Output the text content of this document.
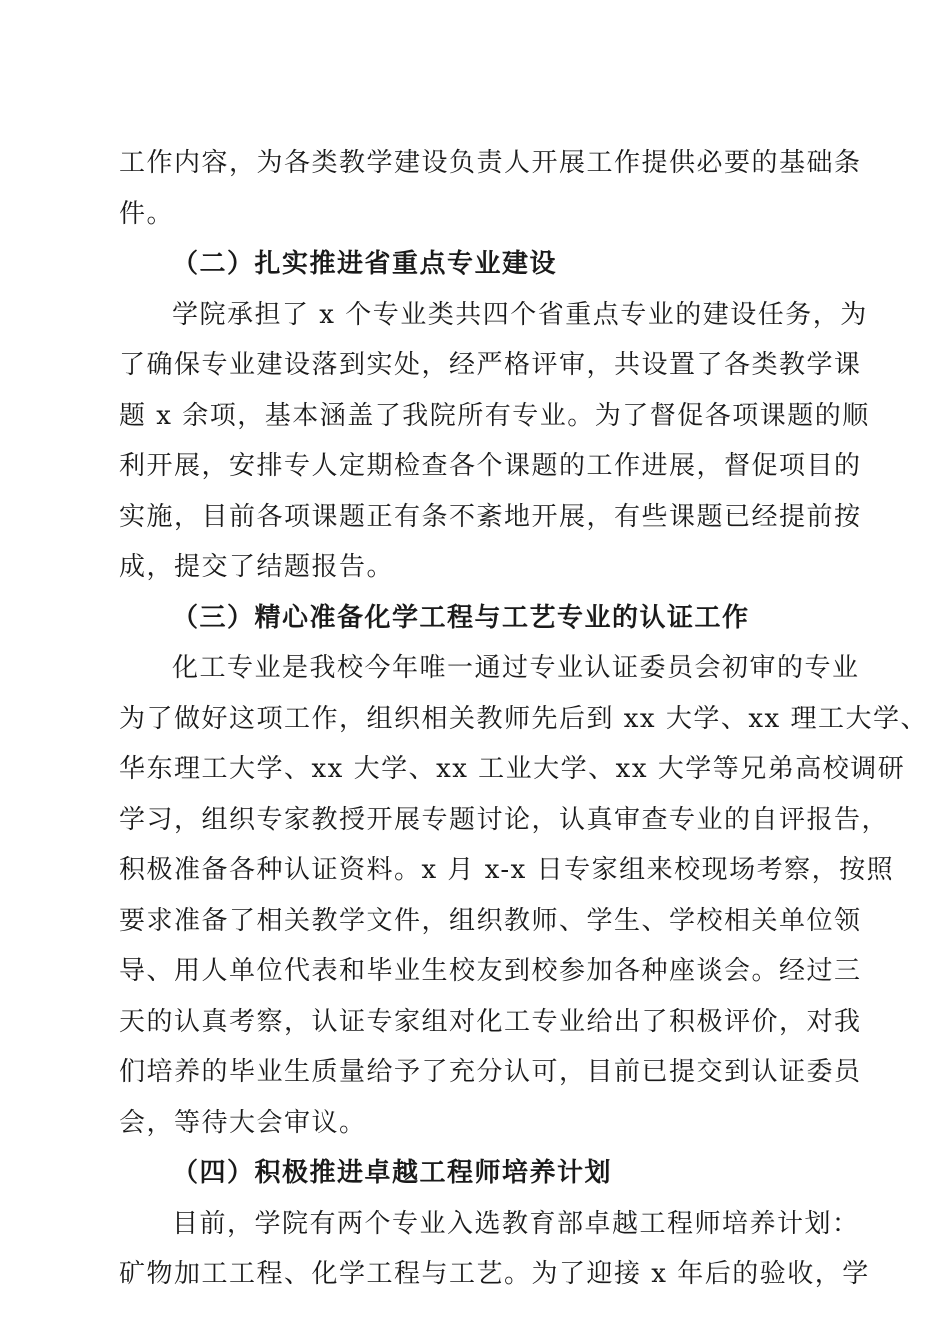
工作内容，为各类教学建设负责人开展工作提供必要的基础条
件。
（二）扎实推进省重点专业建设
学院承担了 x 个专业类共四个省重点专业的建设任务，为
了确保专业建设落到实处，经严格评审，共设置了各类教学课
题 x 余项，基本涵盖了我院所有专业。为了督促各项课题的顺
利开展，安排专人定期检查各个课题的工作进展，督促项目的
实施，目前各项课题正有条不紊地开展，有些课题已经提前按
成，提交了结题报告。
（三）精心准备化学工程与工艺专业的认证工作
化工专业是我校今年唯一通过专业认证委员会初审的专业
为了做好这项工作，组织相关教师先后到 xx 大学、xx 理工大学、
华东理工大学、xx 大学、xx 工业大学、xx 大学等兄弟高校调研
学习，组织专家教授开展专题讨论，认真审查专业的自评报告，
积极准备各种认证资料。x 月 x-x 日专家组来校现场考察，按照
要求准备了相关教学文件，组织教师、学生、学校相关单位领
导、用人单位代表和毕业生校友到校参加各种座谈会。经过三
天的认真考察，认证专家组对化工专业给出了积极评价，对我
们培养的毕业生质量给予了充分认可，目前已提交到认证委员
会，等待大会审议。
（四）积极推进卓越工程师培养计划
目前，学院有两个专业入选教育部卓越工程师培养计划：
矿物加工工程、化学工程与工艺。为了迎接 x 年后的验收，学
